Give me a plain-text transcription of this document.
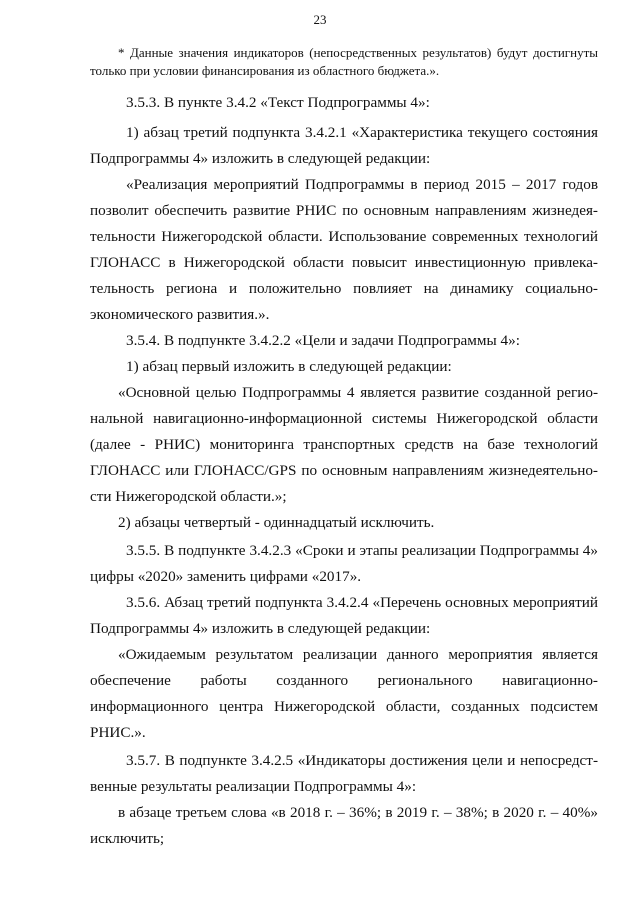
23
* Данные значения индикаторов (непосредственных результатов) будут достигнуты
только при условии финансирования из областного бюджета.».
3.5.3. В пункте 3.4.2 «Текст Подпрограммы 4»:
1) абзац третий подпункта 3.4.2.1 «Характеристика текущего состояния
Подпрограммы 4» изложить в следующей редакции:
«Реализация мероприятий Подпрограммы в период 2015 – 2017 годов
позволит обеспечить развитие РНИС по основным направлениям жизнедея-
тельности Нижегородской области. Использование современных технологий
ГЛОНАСС в Нижегородской области повысит инвестиционную привлека-
тельность региона и положительно повлияет на динамику социально-
экономического развития.».
3.5.4. В подпункте 3.4.2.2 «Цели и задачи Подпрограммы 4»:
1) абзац первый изложить в следующей редакции:
«Основной целью Подпрограммы 4 является развитие созданной регио-
нальной навигационно-информационной системы Нижегородской области
(далее - РНИС) мониторинга транспортных средств на базе технологий
ГЛОНАСС или ГЛОНАСС/GPS по основным направлениям жизнедеятельно-
сти Нижегородской области.»;
2) абзацы четвертый - одиннадцатый исключить.
3.5.5. В подпункте 3.4.2.3 «Сроки и этапы реализации Подпрограммы 4»
цифры «2020» заменить цифрами «2017».
3.5.6. Абзац третий подпункта 3.4.2.4 «Перечень основных мероприятий
Подпрограммы 4» изложить в следующей редакции:
«Ожидаемым результатом реализации данного мероприятия является
обеспечение работы созданного регионального навигационно-
информационного центра Нижегородской области, созданных подсистем
РНИС.».
3.5.7. В подпункте 3.4.2.5 «Индикаторы достижения цели и непосредст-
венные результаты реализации Подпрограммы 4»:
в абзаце третьем слова «в 2018 г. – 36%; в 2019 г. – 38%; в 2020 г. – 40%»
исключить;
